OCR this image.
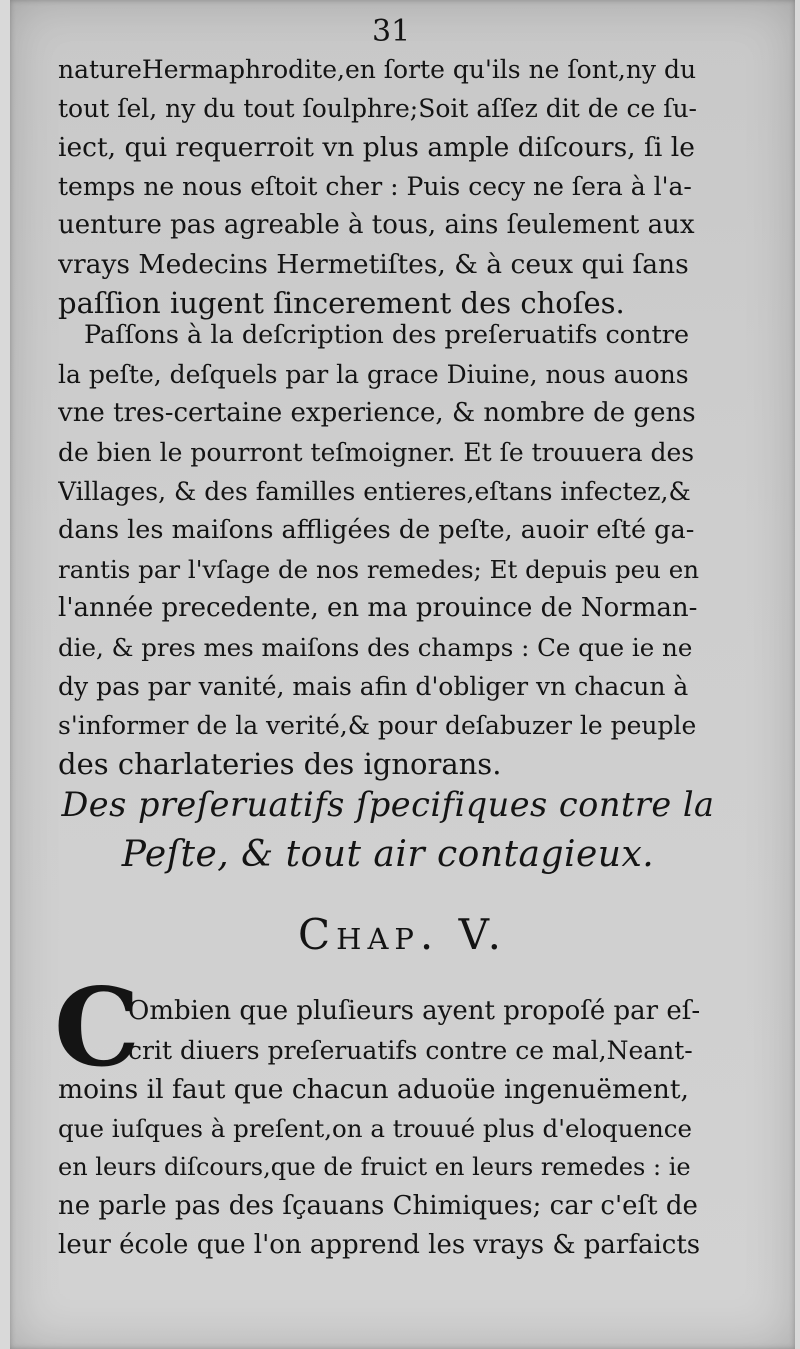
31
natureHermaphrodite,en ſorte qu'ils ne ſont,ny du
tout ſel, ny du tout ſoulphre;Soit aſſez dit de ce ſu-
iect, qui requerroit vn plus ample diſcours, ſi le
temps ne nous eſtoit cher : Puis cecy ne ſera à l'a-
uenture pas agreable à tous, ains ſeulement aux
vrays Medecins Hermetiſtes, & à ceux qui ſans
paſſion iugent ſincerement des choſes.
Paſſons à la deſcription des preſeruatifs contre
la peſte, deſquels par la grace Diuine, nous auons
vne tres-certaine experience, & nombre de gens
de bien le pourront teſmoigner. Et ſe trouuera des
Villages, & des familles entieres,eſtans infectez,&
dans les maiſons affligées de peſte, auoir eſté ga-
rantis par l'vſage de nos remedes; Et depuis peu en
l'année precedente, en ma prouince de Norman-
die, & pres mes maiſons des champs : Ce que ie ne
dy pas par vanité, mais afin d'obliger vn chacun à
s'informer de la verité,& pour deſabuzer le peuple
des charlateries des ignorans.
Des preſeruatifs ſpecifiques contre la
Peſte, & tout air contagieux.
Chap. V.
C
Ombien que pluſieurs ayent propoſé par eſ-
crit diuers preſeruatifs contre ce mal,Neant-
moins il faut que chacun aduoüe ingenuëment,
que iuſques à preſent,on a trouué plus d'eloquence
en leurs diſcours,que de fruict en leurs remedes : ie
ne parle pas des ſçauans Chimiques; car c'eſt de
leur école que l'on apprend les vrays & parfaicts
